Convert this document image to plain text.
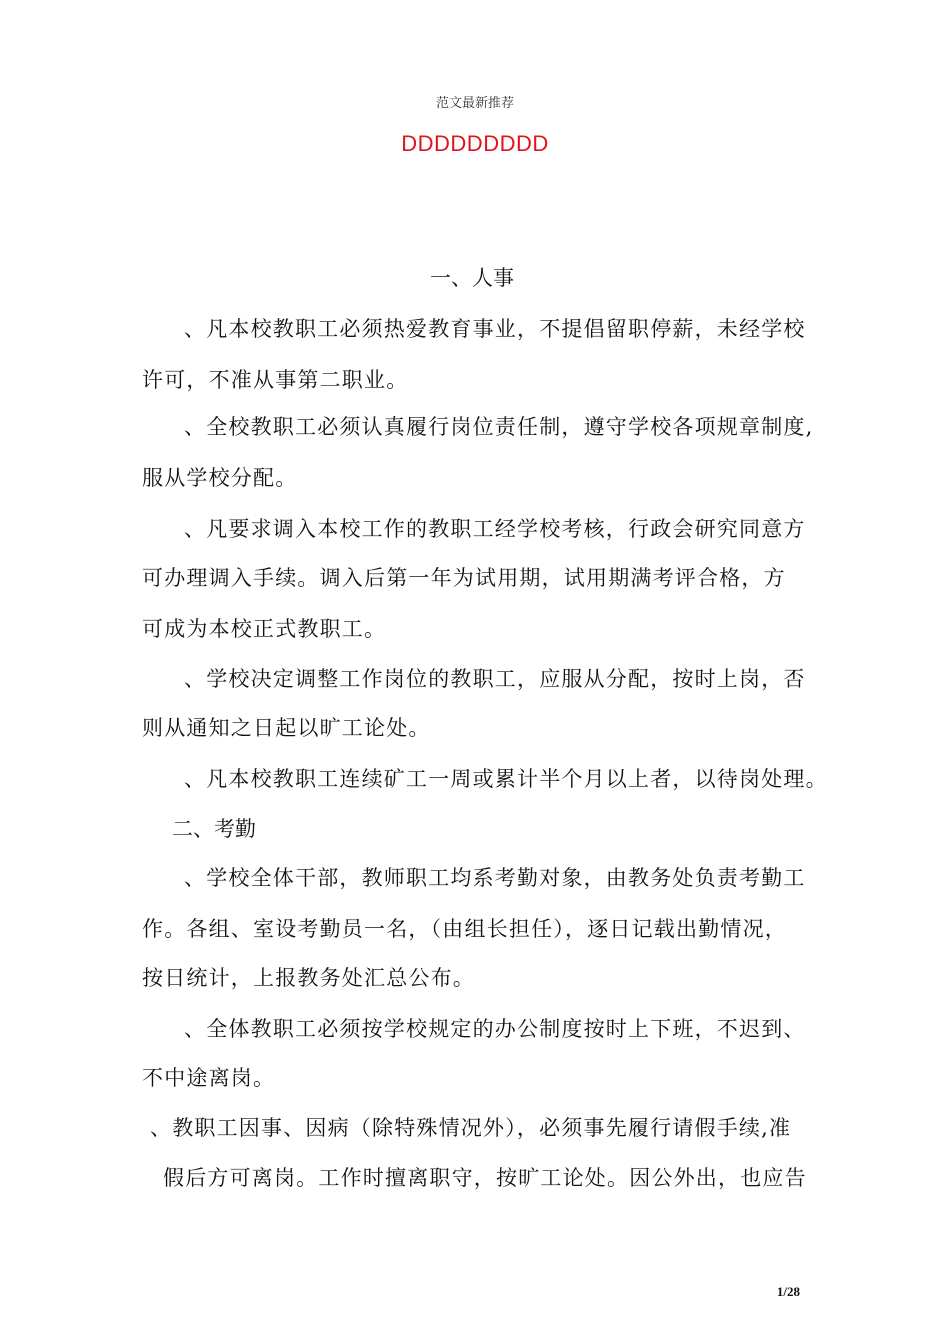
范文最新推荐
DDDDDDDDD
一、人事
、凡本校教职工必须热爱教育事业，不提倡留职停薪，未经学校
许可，不准从事第二职业。
、全校教职工必须认真履行岗位责任制，遵守学校各项规章制度,
服从学校分配。
、凡要求调入本校工作的教职工经学校考核，行政会研究同意方
可办理调入手续。调入后第一年为试用期，试用期满考评合格，方
可成为本校正式教职工。
、学校决定调整工作岗位的教职工，应服从分配，按时上岗，否
则从通知之日起以旷工论处。
、凡本校教职工连续矿工一周或累计半个月以上者，以待岗处理。
二、考勤
、学校全体干部，教师职工均系考勤对象，由教务处负责考勤工
作。各组、室设考勤员一名，（由组长担任），逐日记载出勤情况，
按日统计，上报教务处汇总公布。
、全体教职工必须按学校规定的办公制度按时上下班，不迟到、
不中途离岗。
、教职工因事、因病（除特殊情况外），必须事先履行请假手续,准
假后方可离岗。工作时擅离职守，按旷工论处。因公外出，也应告
1/28
